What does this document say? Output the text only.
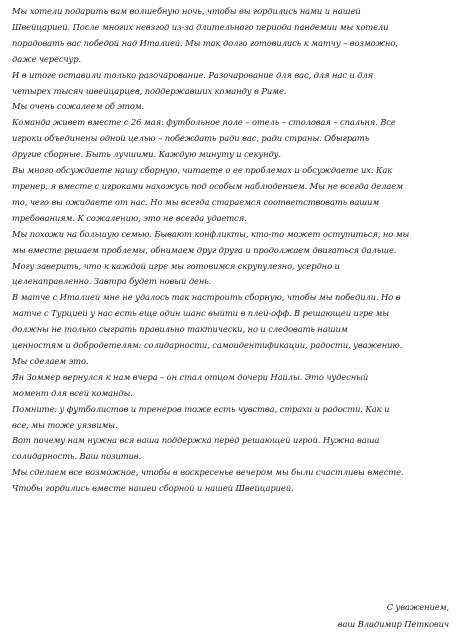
Мы хотели подарить вам волшебную ночь, чтобы вы гордились нами и нашей
Швейцарией. После многих невзгод из-за длительного периода пандемии мы хотели
порадовать вас победой над Италией. Мы так долго готовились к матчу – возможно,
даже чересчур.
И в итоге оставили только разочарование. Разочарование для вас, для нас и для
четырех тысяч швейцарцев, поддержавших команду в Риме.
Мы очень сожалеем об этом.
Команда живет вместе с 26 мая: футбольное поле – отель – столовая – спальня. Все
игроки объединены одной целью – побеждать ради вас, ради страны. Обыграть
другие сборные. Быть лучшими. Каждую минуту и секунду.
Вы много обсуждаете нашу сборную, читаете о ее проблемах и обсуждаете их. Как
тренер, я вместе с игроками нахожусь под особым наблюдением. Мы не всегда делаем
то, чего вы ожидаете от нас. Но мы всегда стараемся соответствовать вашим
требованиям. К сожалению, это не всегда удается.
Мы похожи на большую семью. Бывают конфликты, кто-то может оступиться, но мы
мы вместе решаем проблемы, обнимаем друг друга и продолжаем двигаться дальше.
Могу заверить, что к каждой игре мы готовимся скрупулезно, усердно и
целенаправленно. Завтра будет новый день.
В матче с Италией мне не удалось так настроить сборную, чтобы мы победили. Но в
матче с Турцией у нас есть еще один шанс выйти в плей-офф. В решающей игре мы
должны не только сыграть правильно тактически, но и следовать нашим
ценностям и добродетелям: солидарности, самоидентификации, радости, уважению.
Мы сделаем это.
Ян Зоммер вернулся к нам вчера – он стал отцом дочери Найлы. Это чудесный
момент для всей команды.
Помните: у футболистов и тренеров тоже есть чувства, страхи и радости. Как и
все, мы тоже уязвимы.
Вот почему нам нужна вся ваша поддержка перед решающей игрой. Нужна ваша
солидарность. Ваш позитив.
Мы сделаем все возможное, чтобы в воскресенье вечером мы были счастливы вместе.
Чтобы гордились вместе нашей сборной и нашей Швейцарией.
С уважением,
ваш Владимир Петкович
